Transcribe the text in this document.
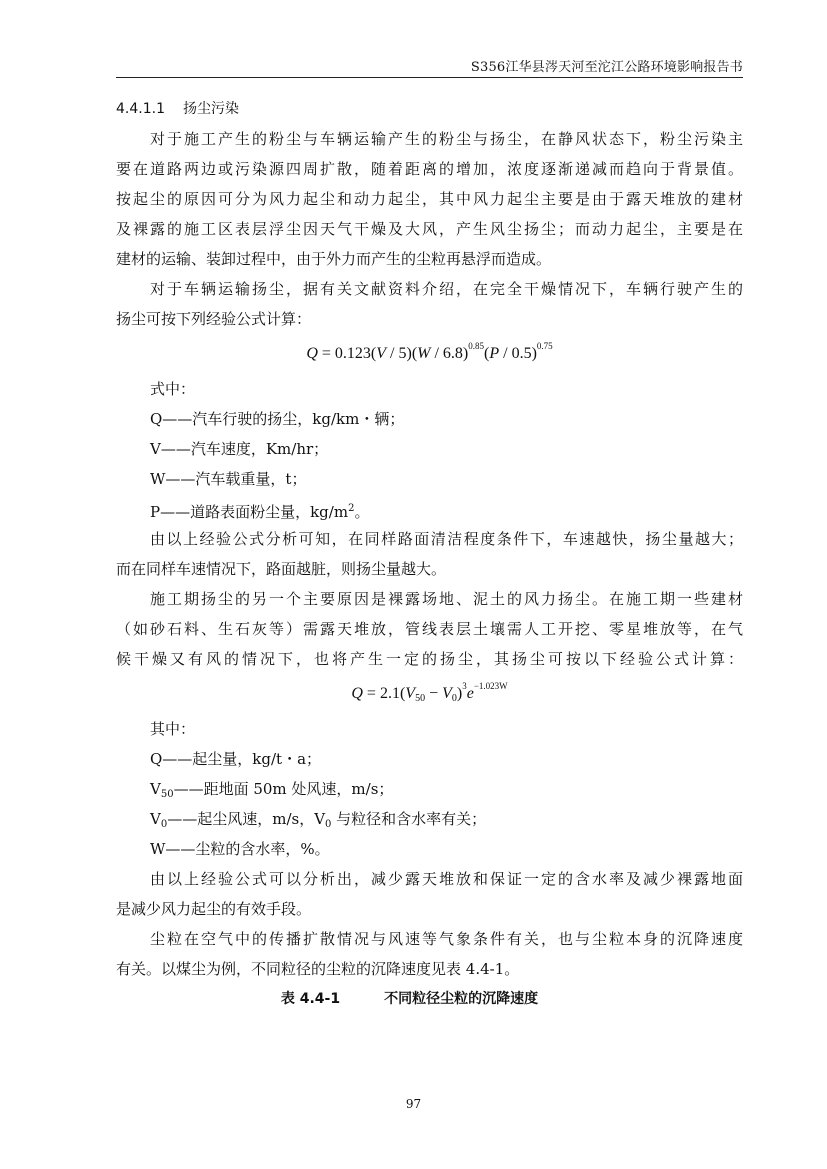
S356江华县涔天河至沱江公路环境影响报告书
4.4.1.1 扬尘污染
对于施工产生的粉尘与车辆运输产生的粉尘与扬尘，在静风状态下，粉尘污染主
要在道路两边或污染源四周扩散，随着距离的增加，浓度逐渐递减而趋向于背景值。
按起尘的原因可分为风力起尘和动力起尘，其中风力起尘主要是由于露天堆放的建材
及裸露的施工区表层浮尘因天气干燥及大风，产生风尘扬尘；而动力起尘，主要是在
建材的运输、装卸过程中，由于外力而产生的尘粒再悬浮而造成。
对于车辆运输扬尘，据有关文献资料介绍，在完全干燥情况下，车辆行驶产生的
扬尘可按下列经验公式计算：
Q = 0.123(V / 5)(W / 6.8)$^{0.85}$(P / 0.5)$^{0.75}$
式中：
Q——汽车行驶的扬尘，kg/km・辆；
V——汽车速度，Km/hr；
W——汽车载重量，t；
P——道路表面粉尘量，$kg/m^2$。
由以上经验公式分析可知，在同样路面清洁程度条件下，车速越快，扬尘量越大；
而在同样车速情况下，路面越脏，则扬尘量越大。
施工期扬尘的另一个主要原因是裸露场地、泥土的风力扬尘。在施工期一些建材
（如砂石料、生石灰等）需露天堆放，管线表层土壤需人工开挖、零星堆放等，在气
候干燥又有风的情况下，也将产生一定的扬尘，其扬尘可按以下经验公式计算：
$Q = 2.1(V_{50} - V_0)^3e^{-1.023W}$
其中：
Q——起尘量，kg/t・a；
$V_{50}——$距地面 50m 处风速，m/s；
$V_0——$起尘风速，m/s，$V_0$ 与粒径和含水率有关；
W——尘粒的含水率，%。
由以上经验公式可以分析出，减少露天堆放和保证一定的含水率及减少裸露地面
是减少风力起尘的有效手段。
尘粒在空气中的传播扩散情况与风速等气象条件有关，也与尘粒本身的沉降速度
有关。以煤尘为例，不同粒径的尘粒的沉降速度见表 4.4-1。
表 4.4-1	不同粒径尘粒的沉降速度
97
